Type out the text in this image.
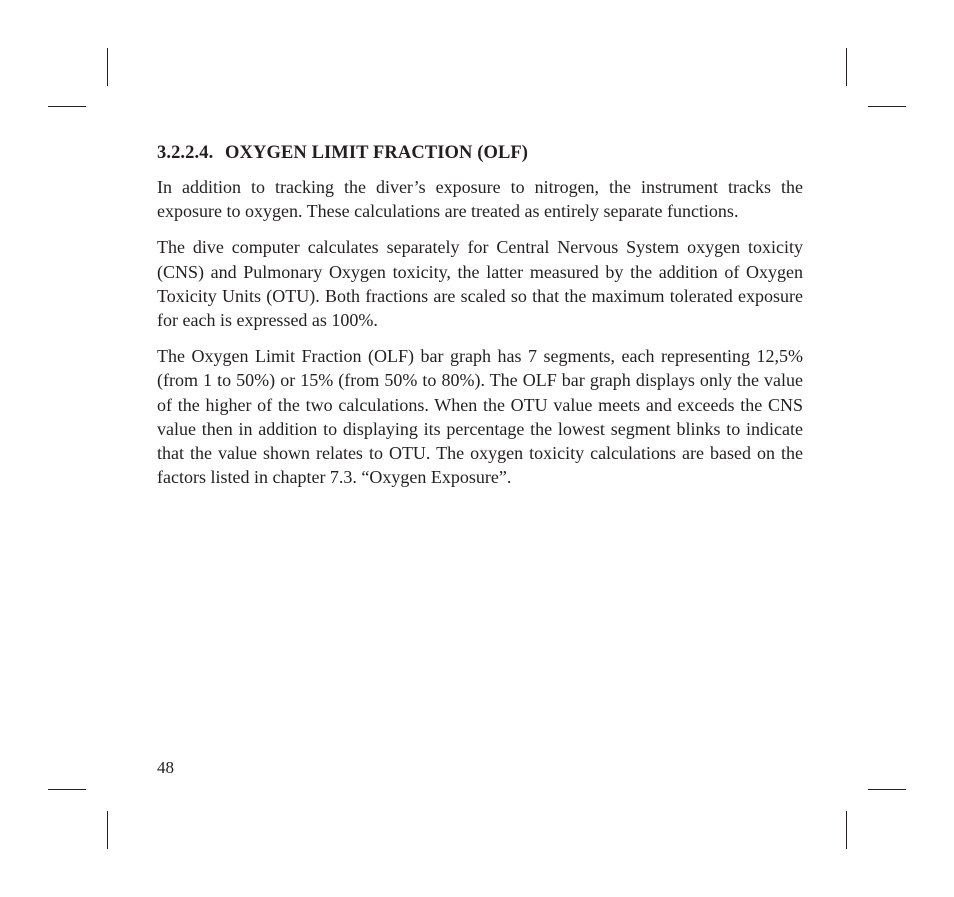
3.2.2.4. OXYGEN LIMIT FRACTION (OLF)

In addition to tracking the diver’s exposure to nitrogen, the instrument tracks the exposure to oxygen. These calculations are treated as entirely separate functions.

The dive computer calculates separately for Central Nervous System oxygen toxicity (CNS) and Pulmonary Oxygen toxicity, the latter measured by the addition of Oxygen Toxicity Units (OTU). Both fractions are scaled so that the maximum tolerated exposure for each is expressed as 100%.

The Oxygen Limit Fraction (OLF) bar graph has 7 segments, each representing 12,5% (from 1 to 50%) or 15% (from 50% to 80%). The OLF bar graph displays only the value of the higher of the two calculations. When the OTU value meets and exceeds the CNS value then in addition to displaying its percentage the lowest segment blinks to indicate that the value shown relates to OTU. The oxygen toxicity calculations are based on the factors listed in chapter 7.3. “Oxygen Exposure”.

48
